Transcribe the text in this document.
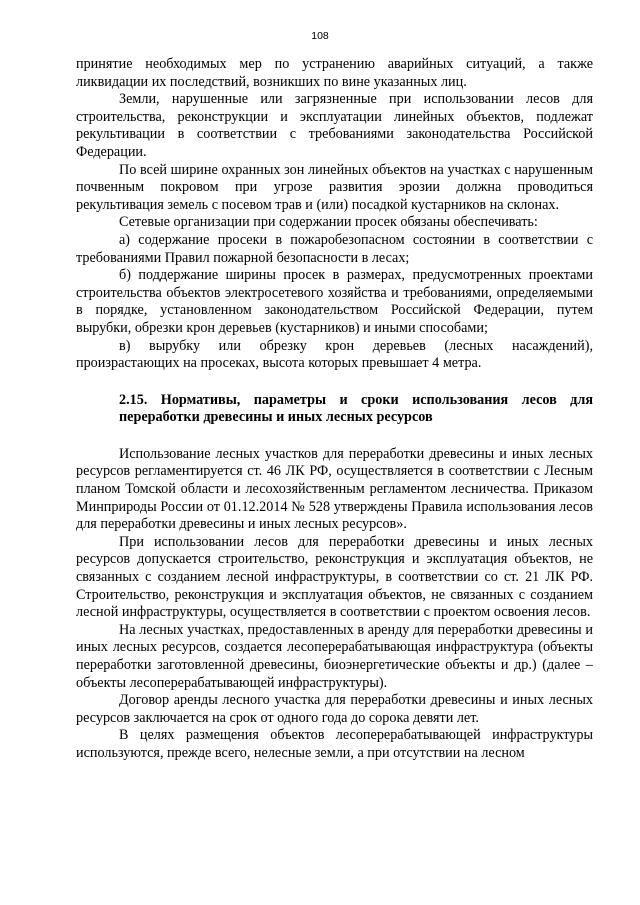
108

принятие необходимых мер по устранению аварийных ситуаций, а также ликвидации их последствий, возникших по вине указанных лиц.

Земли, нарушенные или загрязненные при использовании лесов для строительства, реконструкции и эксплуатации линейных объектов, подлежат рекультивации в соответствии с требованиями законодательства Российской Федерации.

По всей ширине охранных зон линейных объектов на участках с нарушенным почвенным покровом при угрозе развития эрозии должна проводиться рекультивация земель с посевом трав и (или) посадкой кустарников на склонах.

Сетевые организации при содержании просек обязаны обеспечивать:

а) содержание просеки в пожаробезопасном состоянии в соответствии с требованиями Правил пожарной безопасности в лесах;

б) поддержание ширины просек в размерах, предусмотренных проектами строительства объектов электросетевого хозяйства и требованиями, определяемыми в порядке, установленном законодательством Российской Федерации, путем вырубки, обрезки крон деревьев (кустарников) и иными способами;

в) вырубку или обрезку крон деревьев (лесных насаждений), произрастающих на просеках, высота которых превышает 4 метра.

2.15. Нормативы, параметры и сроки использования лесов для переработки древесины и иных лесных ресурсов

Использование лесных участков для переработки древесины и иных лесных ресурсов регламентируется ст. 46 ЛК РФ, осуществляется в соответствии с Лесным планом Томской области и лесохозяйственным регламентом лесничества. Приказом Минприроды России от 01.12.2014 № 528 утверждены Правила использования лесов для переработки древесины и иных лесных ресурсов».

При использовании лесов для переработки древесины и иных лесных ресурсов допускается строительство, реконструкция и эксплуатация объектов, не связанных с созданием лесной инфраструктуры, в соответствии со ст. 21 ЛК РФ. Строительство, реконструкция и эксплуатация объектов, не связанных с созданием лесной инфраструктуры, осуществляется в соответствии с проектом освоения лесов.

На лесных участках, предоставленных в аренду для переработки древесины и иных лесных ресурсов, создается лесоперерабатывающая инфраструктура (объекты переработки заготовленной древесины, биоэнергетические объекты и др.) (далее – объекты лесоперерабатывающей инфраструктуры).

Договор аренды лесного участка для переработки древесины и иных лесных ресурсов заключается на срок от одного года до сорока девяти лет.

В целях размещения объектов лесоперерабатывающей инфраструктуры используются, прежде всего, нелесные земли, а при отсутствии на лесном
